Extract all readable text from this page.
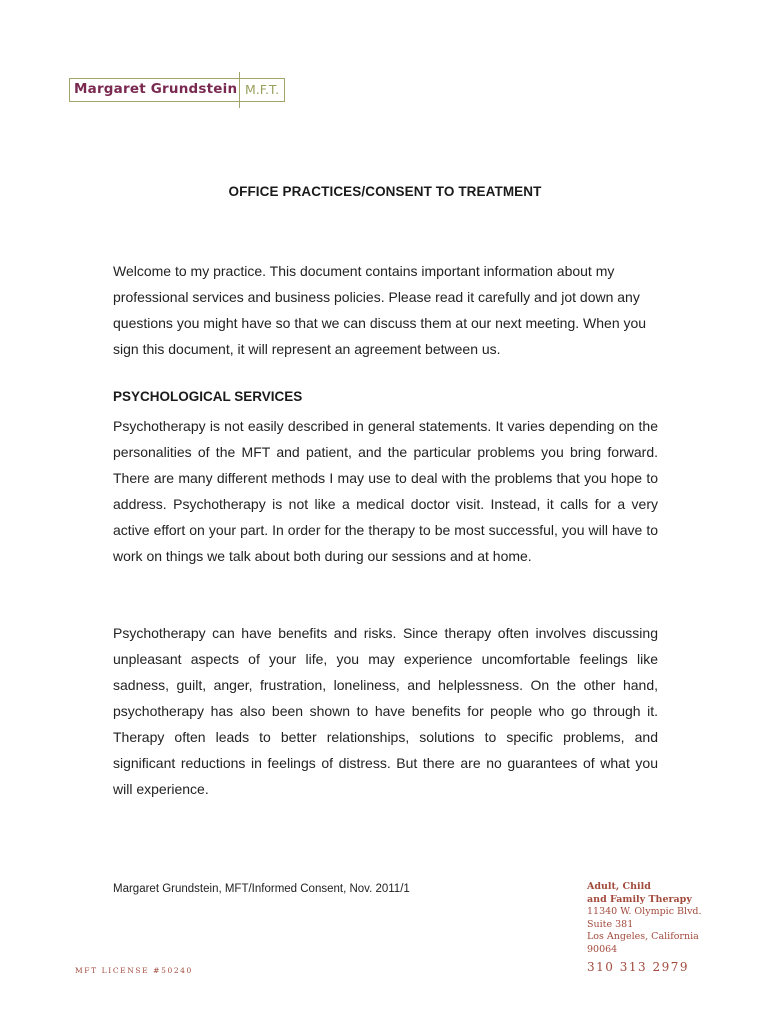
Margaret Grundstein M.F.T.
OFFICE PRACTICES/CONSENT TO TREATMENT

Welcome to my practice. This document contains important information about my professional services and business policies. Please read it carefully and jot down any questions you might have so that we can discuss them at our next meeting. When you sign this document, it will represent an agreement between us.

PSYCHOLOGICAL SERVICES

Psychotherapy is not easily described in general statements. It varies depending on the personalities of the MFT and patient, and the particular problems you bring forward. There are many different methods I may use to deal with the problems that you hope to address. Psychotherapy is not like a medical doctor visit. Instead, it calls for a very active effort on your part. In order for the therapy to be most successful, you will have to work on things we talk about both during our sessions and at home.

Psychotherapy can have benefits and risks. Since therapy often involves discussing unpleasant aspects of your life, you may experience uncomfortable feelings like sadness, guilt, anger, frustration, loneliness, and helplessness. On the other hand, psychotherapy has also been shown to have benefits for people who go through it. Therapy often leads to better relationships, solutions to specific problems, and significant reductions in feelings of distress. But there are no guarantees of what you will experience.

Margaret Grundstein, MFT/Informed Consent, Nov. 2011/1	Adult, Child
and Family Therapy
11340 W. Olympic Blvd.
Suite 381
Los Angeles, California
90064
310 313 2979
MFT LICENSE #50240
